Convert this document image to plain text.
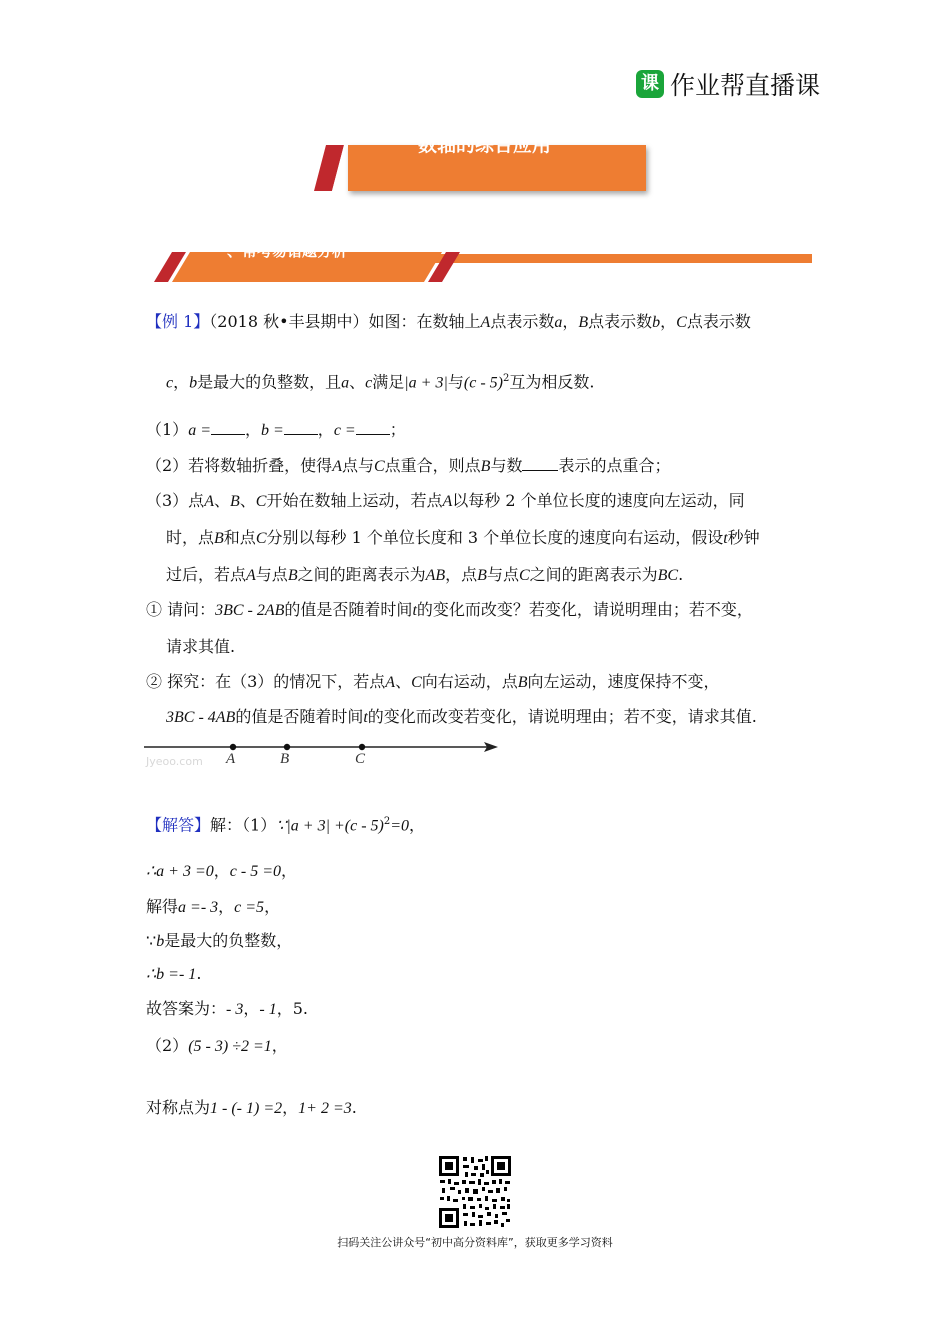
课 作业帮直播课
数轴的综合应用
一、常考易错题分析
【例 1】（2018 秋•丰县期中）如图：在数轴上A点表示数a，B点表示数b，C点表示数
c，b是最大的负整数，且a、c满足|a + 3|与(c - 5)$^2$互为相反数.
（1）a = ，b = ，c = ；
（2）若将数轴折叠，使得A点与C点重合，则点B与数 表示的点重合；
（3）点A、B、C开始在数轴上运动，若点A以每秒 2 个单位长度的速度向左运动，同
时，点B和点C分别以每秒 1 个单位长度和 3 个单位长度的速度向右运动，假设t秒钟
过后，若点A与点B之间的距离表示为AB，点B与点C之间的距离表示为BC.
① 请问：3BC - 2AB的值是否随着时间t的变化而改变？若变化，请说明理由；若不变，
请求其值.
② 探究：在（3）的情况下，若点A、C向右运动，点B向左运动，速度保持不变，
3BC - 4AB的值是否随着时间t的变化而改变若变化，请说明理由；若不变，请求其值.
A	B	C
Jyeoo.com
【解答】解：（1）∵|a + 3| +(c - 5)$^2$=0，
∴a + 3 =0，c - 5 =0，
解得a =- 3，c =5，
∵b是最大的负整数，
∴b =- 1.
故答案为：- 3，- 1，5.
（2）(5 - 3) ÷2 =1，
对称点为1 - (- 1) =2，1+ 2 =3.
扫码关注公讲众号“初中高分资料库”，获取更多学习资料
